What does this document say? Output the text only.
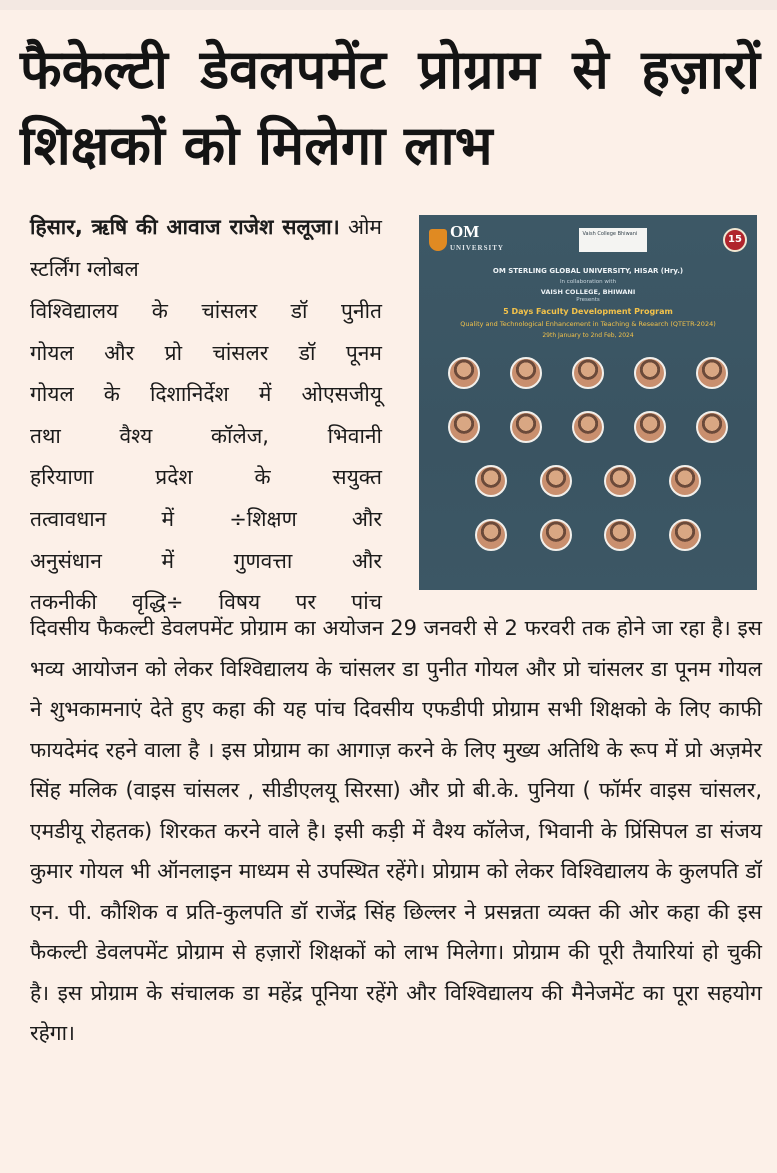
फैकेल्टी डेवलपमेंट प्रोग्राम से हज़ारों शिक्षकों को मिलेगा लाभ
हिसार, ऋषि की आवाज राजेश सलूजा। ओम स्टर्लिंग ग्लोबल
विश्विद्यालय के चांसलर डॉ पुनीत
गोयल और प्रो चांसलर डॉ पूनम
गोयल के दिशानिर्देश में ओएसजीयू
तथा वैश्य कॉलेज, भिवानी
हरियाणा प्रदेश के सयुक्त
तत्वावधान में ÷शिक्षण और
अनुसंधान में गुणवत्ता और
तकनीकी वृद्धि÷ विषय पर पांच
दिवसीय फैकल्टी डेवलपमेंट प्रोग्राम का अयोजन 29 जनवरी से 2 फरवरी तक होने जा रहा है। इस भव्य आयोजन को लेकर विश्विद्यालय के चांसलर डा पुनीत गोयल और प्रो चांसलर डा पूनम गोयल ने शुभकामनाएं देते हुए कहा की यह पांच दिवसीय एफडीपी प्रोग्राम सभी शिक्षको के लिए काफी फायदेमंद रहने वाला है । इस प्रोग्राम का आगाज़ करने के लिए मुख्य अतिथि के रूप में प्रो अज़मेर सिंह मलिक (वाइस चांसलर , सीडीएलयू सिरसा) और प्रो बी.के. पुनिया ( फॉर्मर वाइस चांसलर, एमडीयू रोहतक) शिरकत करने वाले है। इसी कड़ी में वैश्य कॉलेज, भिवानी के प्रिंसिपल डा संजय कुमार गोयल भी ऑनलाइन माध्यम से उपस्थित रहेंगे। प्रोग्राम को लेकर विश्विद्यालय के कुलपति डॉ एन. पी. कौशिक व प्रति-कुलपति डॉ राजेंद्र सिंह छिल्लर ने प्रसन्नता व्यक्त की ओर कहा की इस फैकल्टी डेवलपमेंट प्रोग्राम से हज़ारों शिक्षकों को लाभ मिलेगा। प्रोग्राम की पूरी तैयारियां हो चुकी है। इस प्रोग्राम के संचालक डा महेंद्र पूनिया रहेंगे और विश्विद्यालय की मैनेजमेंट का पूरा सहयोग रहेगा।
OM
UNIVERSITY
Vaish College Bhiwani	15
OM STERLING GLOBAL UNIVERSITY, HISAR (Hry.)
In collaboration with
VAISH COLLEGE, BHIWANI
Presents
5 Days Faculty Development Program
Quality and Technological Enhancement in Teaching & Research (QTETR-2024)
29th January to 2nd Feb, 2024
